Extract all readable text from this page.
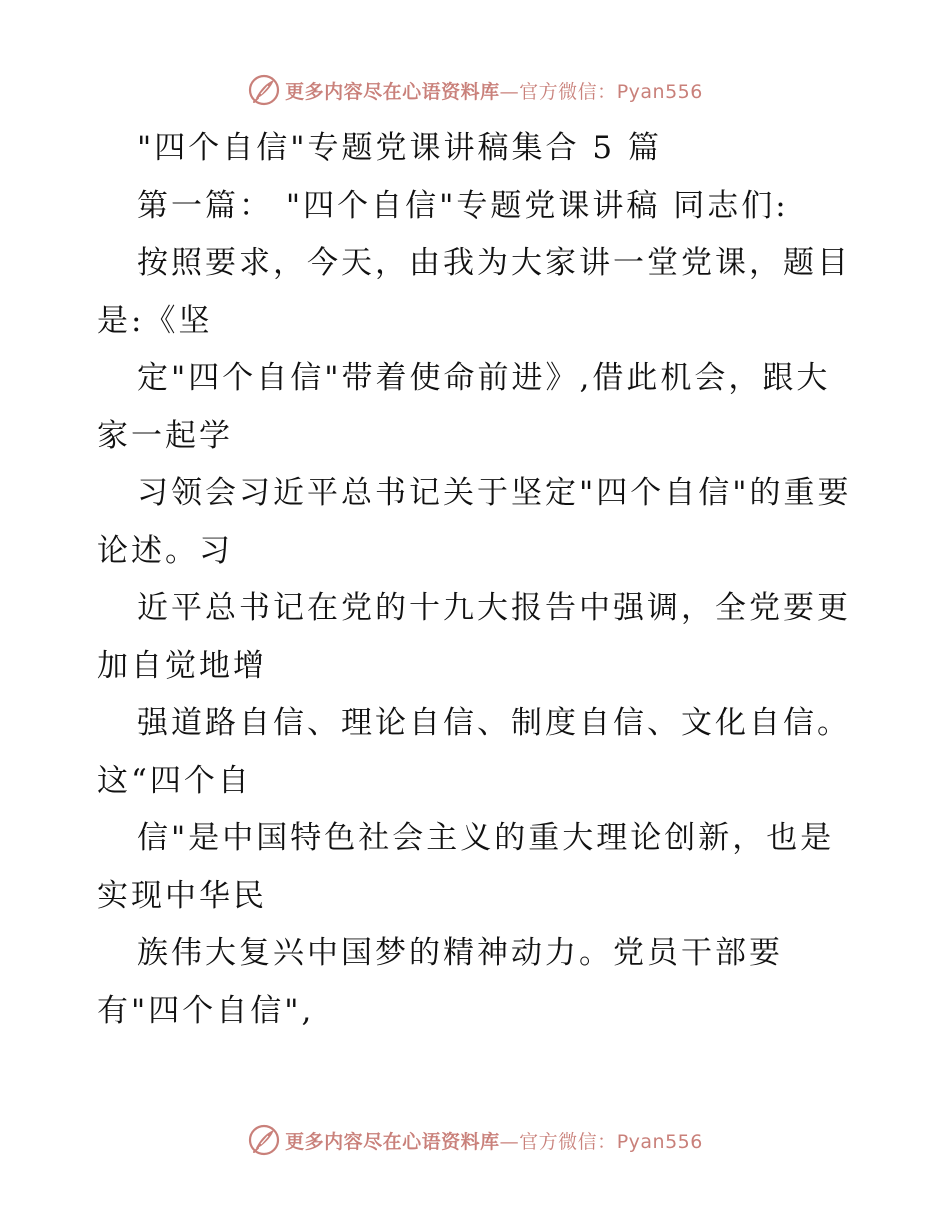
更多内容尽在心语资料库—官方微信：Pyan556
"四个自信"专题党课讲稿集合 5 篇
第一篇： "四个自信"专题党课讲稿 同志们:
按照要求，今天，由我为大家讲一堂党课，题目
是:《坚
定"四个自信"带着使命前进》,借此机会，跟大
家一起学
习领会习近平总书记关于坚定"四个自信"的重要
论述。习
近平总书记在党的十九大报告中强调，全党要更
加自觉地增
强道路自信、理论自信、制度自信、文化自信。
这“四个自
信"是中国特色社会主义的重大理论创新，也是
实现中华民
族伟大复兴中国梦的精神动力。党员干部要
有"四个自信",
更多内容尽在心语资料库—官方微信：Pyan556
